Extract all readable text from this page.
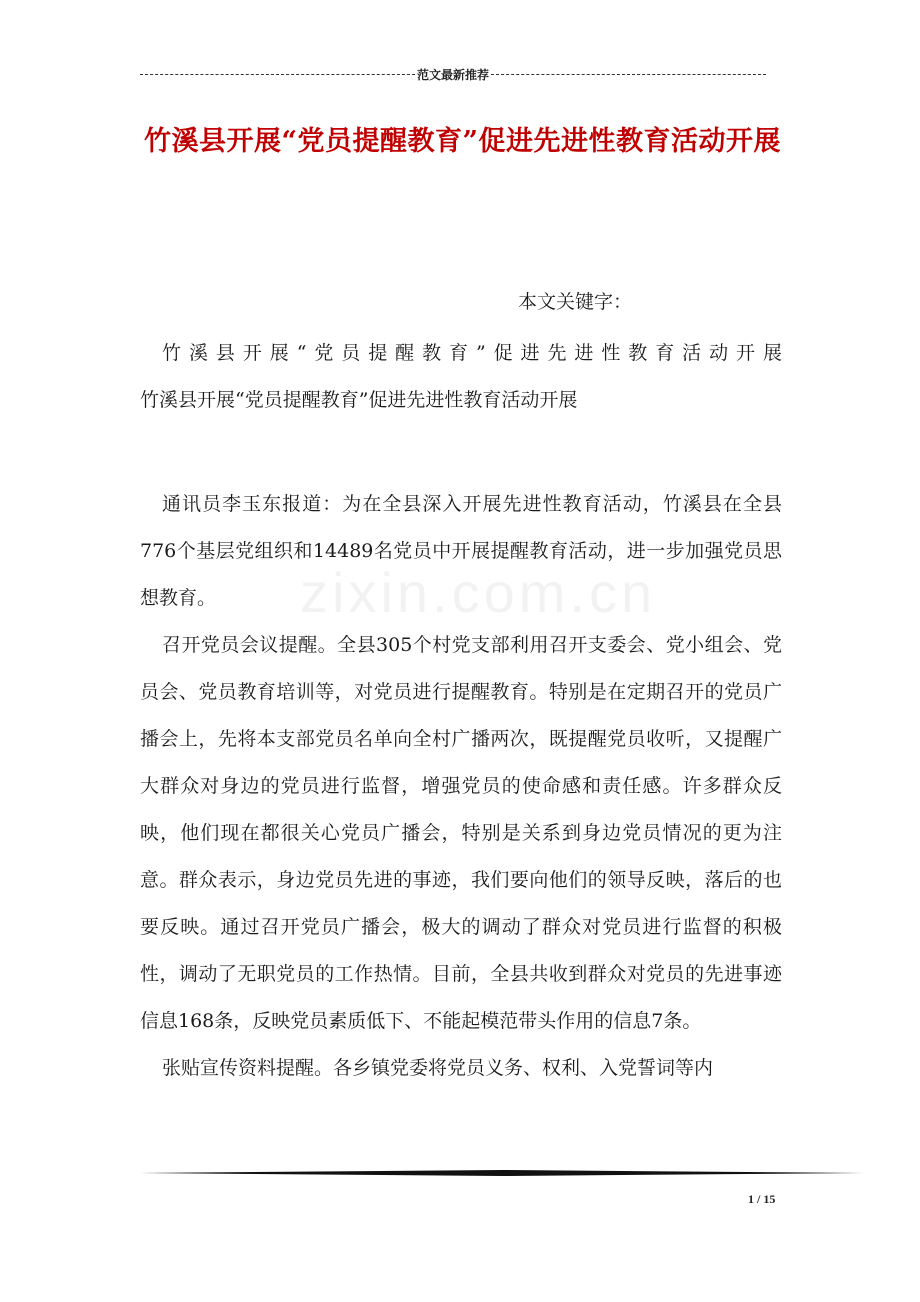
范文最新推荐
竹溪县开展“党员提醒教育”促进先进性教育活动开展
zixin.com.cn
本文关键字：
竹溪县开展“党员提醒教育”促进先进性教育活动开展
竹溪县开展“党员提醒教育”促进先进性教育活动开展

通讯员李玉东报道：为在全县深入开展先进性教育活动，竹溪县在全县776个基层党组织和14489名党员中开展提醒教育活动，进一步加强党员思想教育。

召开党员会议提醒。全县305个村党支部利用召开支委会、党小组会、党员会、党员教育培训等，对党员进行提醒教育。特别是在定期召开的党员广播会上，先将本支部党员名单向全村广播两次，既提醒党员收听，又提醒广大群众对身边的党员进行监督，增强党员的使命感和责任感。许多群众反映，他们现在都很关心党员广播会，特别是关系到身边党员情况的更为注意。群众表示，身边党员先进的事迹，我们要向他们的领导反映，落后的也要反映。通过召开党员广播会，极大的调动了群众对党员进行监督的积极性，调动了无职党员的工作热情。目前，全县共收到群众对党员的先进事迹信息168条，反映党员素质低下、不能起模范带头作用的信息7条。

张贴宣传资料提醒。各乡镇党委将党员义务、权利、入党誓词等内

1 / 15
